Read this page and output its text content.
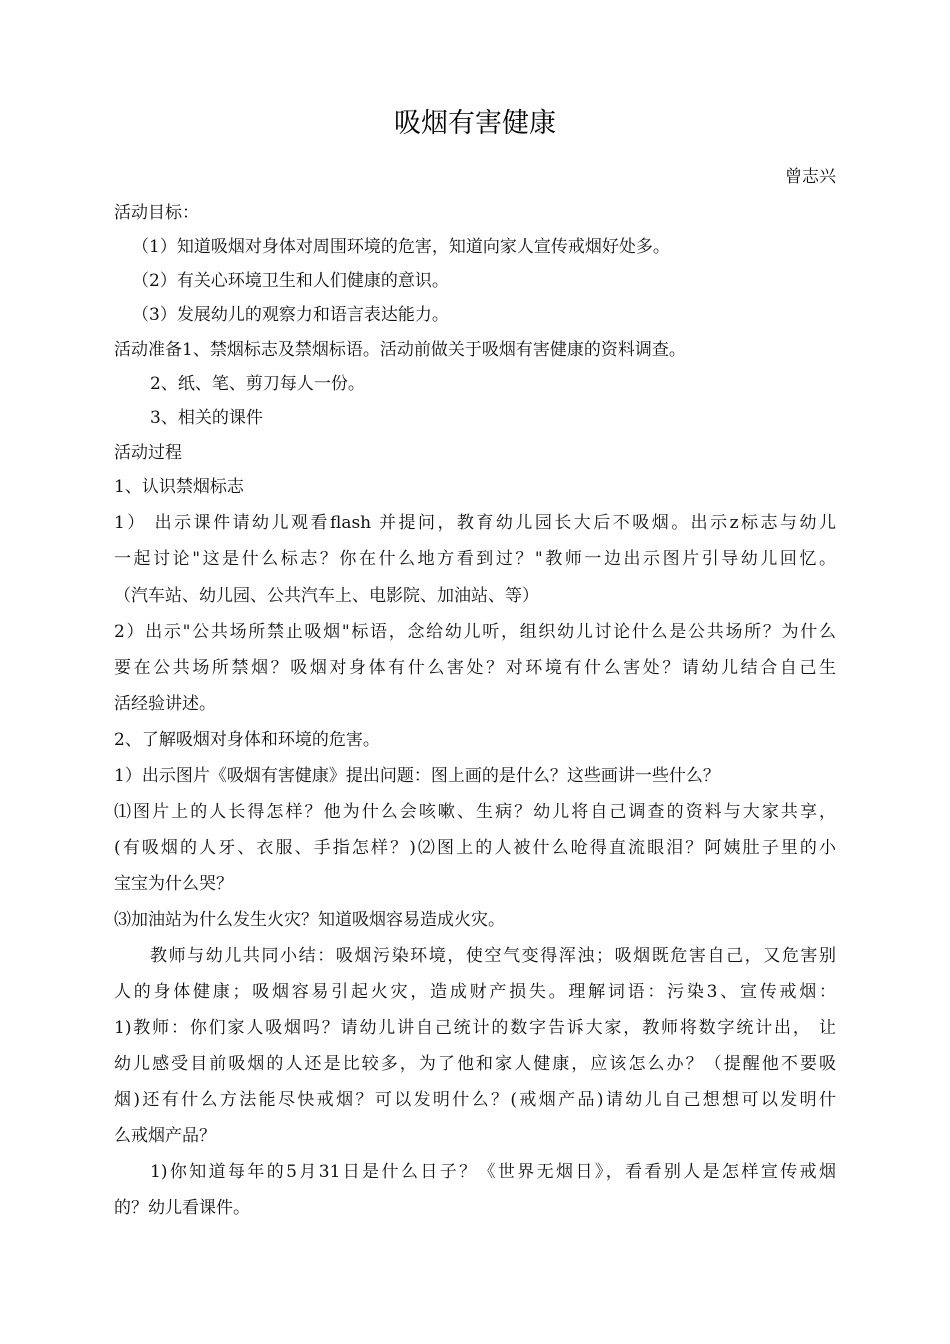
吸烟有害健康
曾志兴
活动目标：
（1）知道吸烟对身体对周围环境的危害，知道向家人宣传戒烟好处多。
（2）有关心环境卫生和人们健康的意识。
（3）发展幼儿的观察力和语言表达能力。
活动准备1、禁烟标志及禁烟标语。活动前做关于吸烟有害健康的资料调查。
2、纸、笔、剪刀每人一份。
3、相关的课件
活动过程
1、认识禁烟标志
1） 出示课件请幼儿观看flash 并提问，教育幼儿园长大后不吸烟。出示z标志与幼儿
一起讨论"这是什么标志？你在什么地方看到过？"教师一边出示图片引导幼儿回忆。
（汽车站、幼儿园、公共汽车上、电影院、加油站、等）
2）出示"公共场所禁止吸烟"标语，念给幼儿听，组织幼儿讨论什么是公共场所？为什么
要在公共场所禁烟？吸烟对身体有什么害处？对环境有什么害处？请幼儿结合自己生
活经验讲述。
2、了解吸烟对身体和环境的危害。
1）出示图片《吸烟有害健康》提出问题：图上画的是什么？这些画讲一些什么？
⑴图片上的人长得怎样？他为什么会咳嗽、生病？幼儿将自己调查的资料与大家共享，
(有吸烟的人牙、衣服、手指怎样？)⑵图上的人被什么呛得直流眼泪？阿姨肚子里的小
宝宝为什么哭？
⑶加油站为什么发生火灾？知道吸烟容易造成火灾。
教师与幼儿共同小结：吸烟污染环境，使空气变得浑浊；吸烟既危害自己，又危害别
人的身体健康；吸烟容易引起火灾，造成财产损失。理解词语：污染3、宣传戒烟：
1)教师：你们家人吸烟吗？请幼儿讲自己统计的数字告诉大家，教师将数字统计出， 让
幼儿感受目前吸烟的人还是比较多，为了他和家人健康，应该怎么办？（提醒他不要吸
烟)还有什么方法能尽快戒烟？可以发明什么？(戒烟产品)请幼儿自己想想可以发明什
么戒烟产品？
1)你知道每年的5月31日是什么日子？《世界无烟日》，看看别人是怎样宣传戒烟
的？幼儿看课件。
